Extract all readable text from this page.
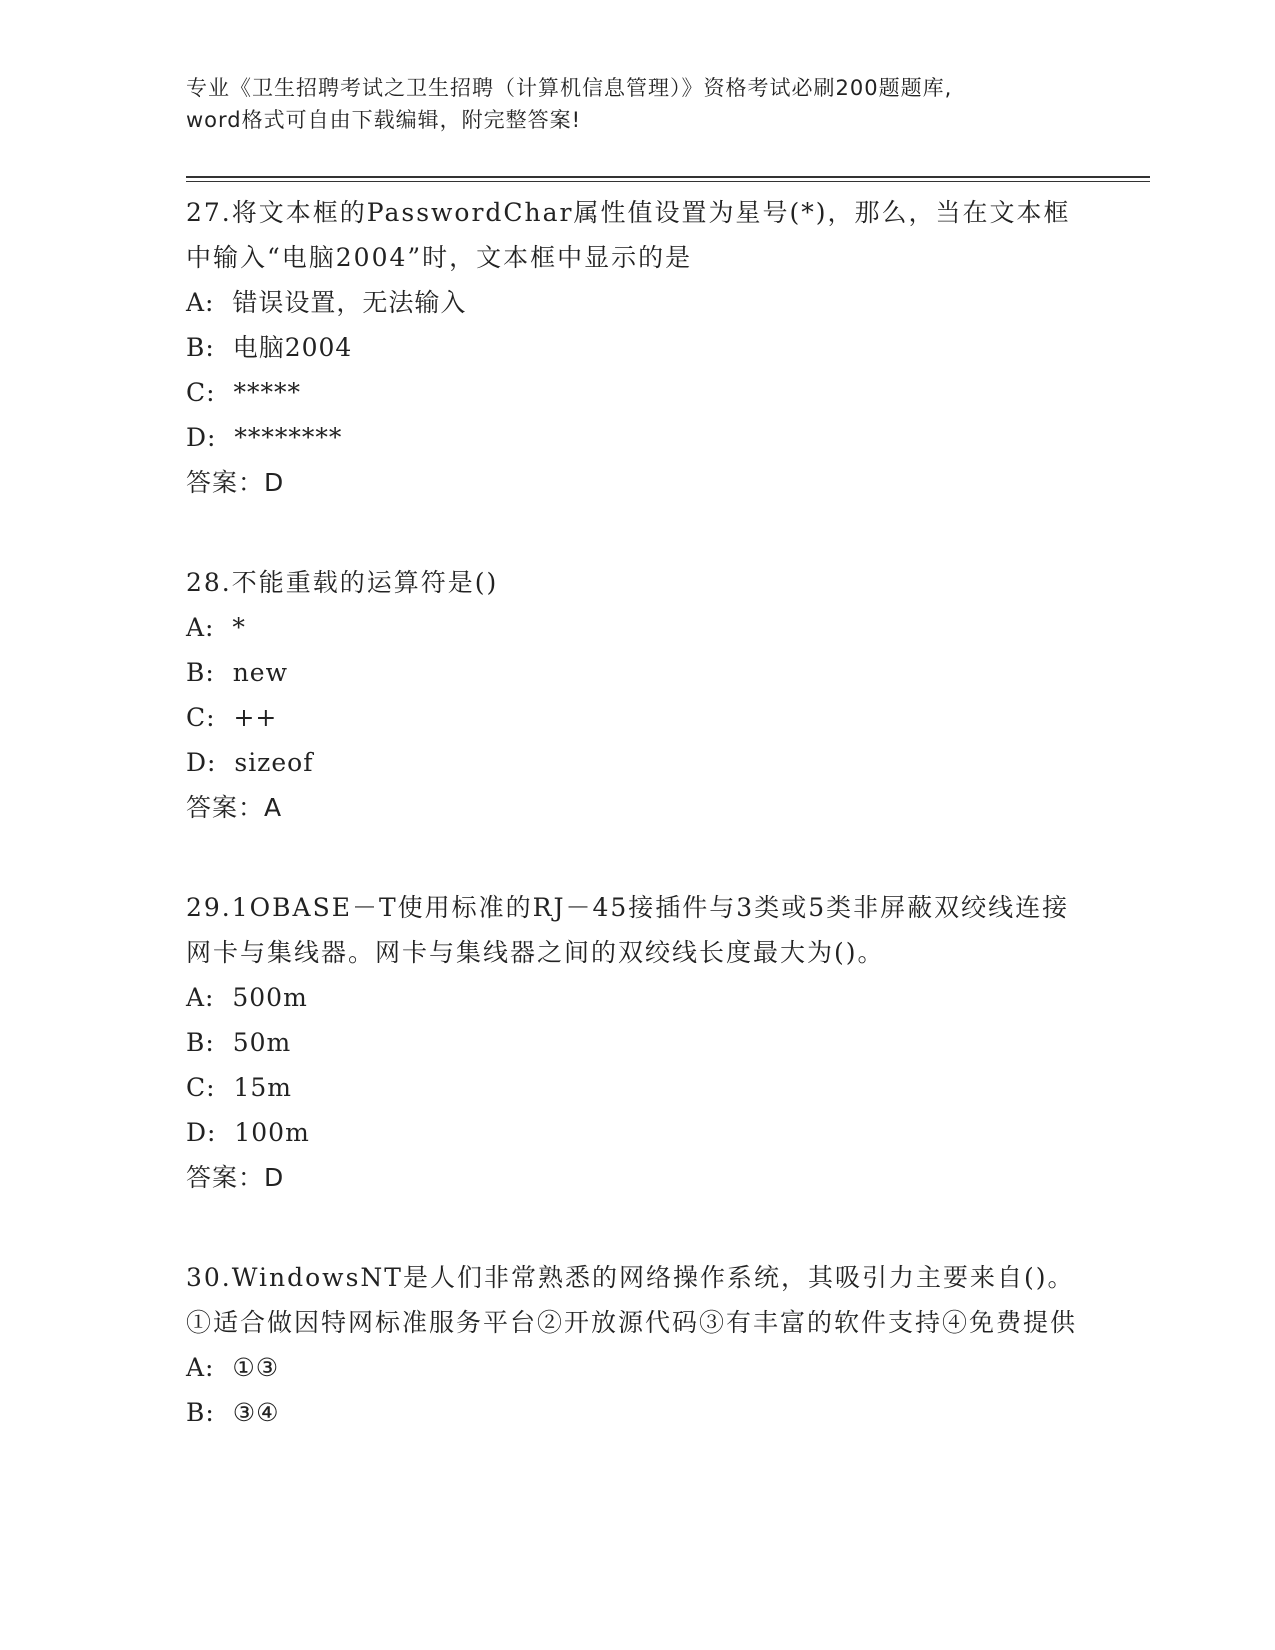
专业《卫生招聘考试之卫生招聘（计算机信息管理）》资格考试必刷200题题库,
word格式可自由下载编辑，附完整答案!
27.将文本框的PasswordChar属性值设置为星号(*)，那么，当在文本框中输入“电脑2004”时，文本框中显示的是
A:  错误设置，无法输入
B:  电脑2004
C:  *****
D:  ********
答案：D
28.不能重载的运算符是()
A:  *
B:  new
C:  ++
D:  sizeof
答案：A
29.1OBASE－T使用标准的RJ－45接插件与3类或5类非屏蔽双绞线连接网卡与集线器。网卡与集线器之间的双绞线长度最大为()。
A:  500m
B:  50m
C:  15m
D:  100m
答案：D
30.WindowsNT是人们非常熟悉的网络操作系统，其吸引力主要来自()。①适合做因特网标准服务平台②开放源代码③有丰富的软件支持④免费提供
A:  ①③
B:  ③④
